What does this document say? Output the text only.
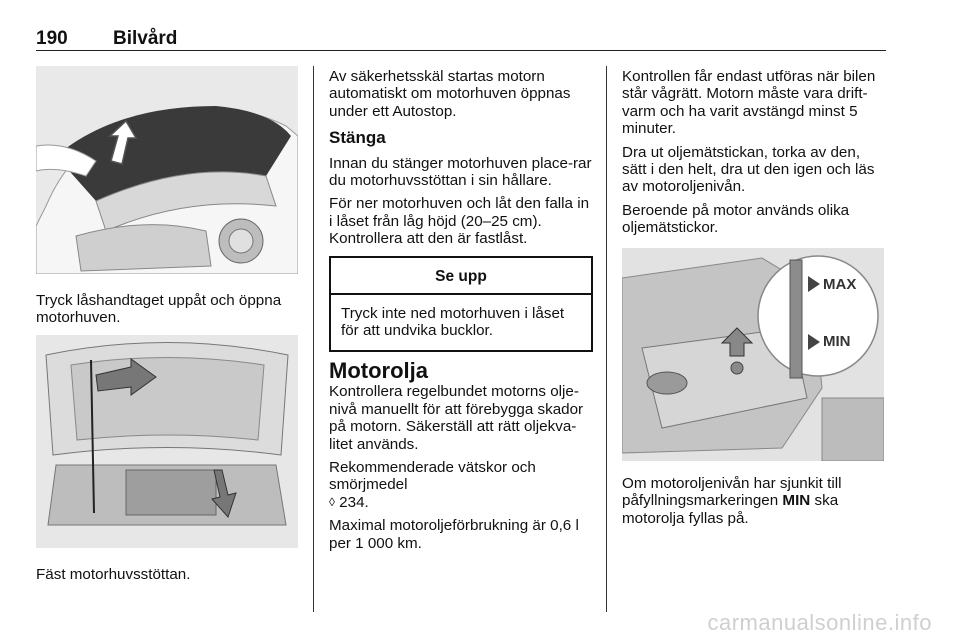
190 Bilvård
Tryck låshandtaget uppåt och öppna motorhuven.
Fäst motorhuvsstöttan.

Av säkerhetsskäl startas motorn automatiskt om motorhuven öppnas under ett Autostop.

Stänga

Innan du stänger motorhuven place-rar du motorhuvsstöttan i sin hållare.

För ner motorhuven och låt den falla in i låset från låg höjd (20–25 cm). Kontrollera att den är fastlåst.

Se upp
Tryck inte ned motorhuven i låset för att undvika bucklor.
Motorolja

Kontrollera regelbundet motorns olje-nivå manuellt för att förebygga skador på motorn. Säkerställ att rätt oljekva-litet används.

Rekommenderade vätskor och smörjmedel
◊ 234.

Maximal motoroljeförbrukning är 0,6 l per 1 000 km.

Kontrollen får endast utföras när bilen står vågrätt. Motorn måste vara drift-varm och ha varit avstängd minst 5 minuter.

Dra ut oljemätstickan, torka av den, sätt i den helt, dra ut den igen och läs av motoroljenivån.

Beroende på motor används olika oljemätstickor.

MAX
MIN

Om motoroljenivån har sjunkit till påfyllningsmarkeringen MIN ska motorolja fyllas på.

carmanualsonline.info
